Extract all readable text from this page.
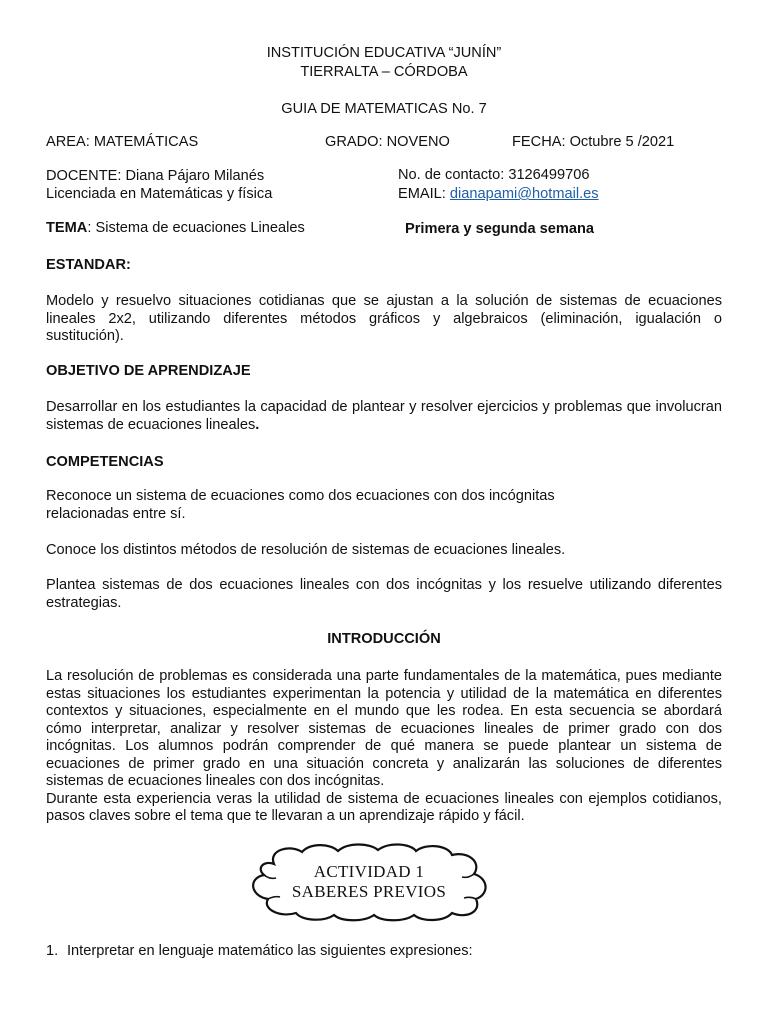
INSTITUCIÓN EDUCATIVA “JUNÍN”
TIERRALTA – CÓRDOBA
GUIA DE MATEMATICAS No. 7
AREA: MATEMÁTICAS	GRADO: NOVENO	FECHA: Octubre 5 /2021
DOCENTE: Diana Pájaro Milanés
Licenciada en Matemáticas y física
No. de contacto: 3126499706
EMAIL: dianapami@hotmail.es
TEMA: Sistema de ecuaciones Lineales	Primera y segunda semana
ESTANDAR:
Modelo y resuelvo situaciones cotidianas que se ajustan a la solución de sistemas de ecuaciones
lineales 2x2, utilizando diferentes métodos gráficos y algebraicos (eliminación, igualación o
sustitución).
OBJETIVO DE APRENDIZAJE
Desarrollar en los estudiantes la capacidad de plantear y resolver ejercicios y problemas que involucran
sistemas de ecuaciones lineales.
COMPETENCIAS
Reconoce un sistema de ecuaciones como dos ecuaciones con dos incógnitas
relacionadas entre sí.
Conoce los distintos métodos de resolución de sistemas de ecuaciones lineales.
Plantea sistemas de dos ecuaciones lineales con dos incógnitas y los resuelve utilizando diferentes
estrategias.
INTRODUCCIÓN
La resolución de problemas es considerada una parte fundamentales de la matemática, pues mediante
estas situaciones los estudiantes experimentan la potencia y utilidad de la matemática en diferentes
contextos y situaciones, especialmente en el mundo que les rodea. En esta secuencia se abordará
cómo interpretar, analizar y resolver sistemas de ecuaciones lineales de primer grado con dos
incógnitas. Los alumnos podrán comprender de qué manera se puede plantear un sistema de
ecuaciones de primer grado en una situación concreta y analizarán las soluciones de diferentes
sistemas de ecuaciones lineales con dos incógnitas.
Durante esta experiencia veras la utilidad de sistema de ecuaciones lineales con ejemplos cotidianos,
pasos claves sobre el tema que te llevaran a un aprendizaje rápido y fácil.
ACTIVIDAD 1
SABERES PREVIOS
1. Interpretar en lenguaje matemático las siguientes expresiones:
